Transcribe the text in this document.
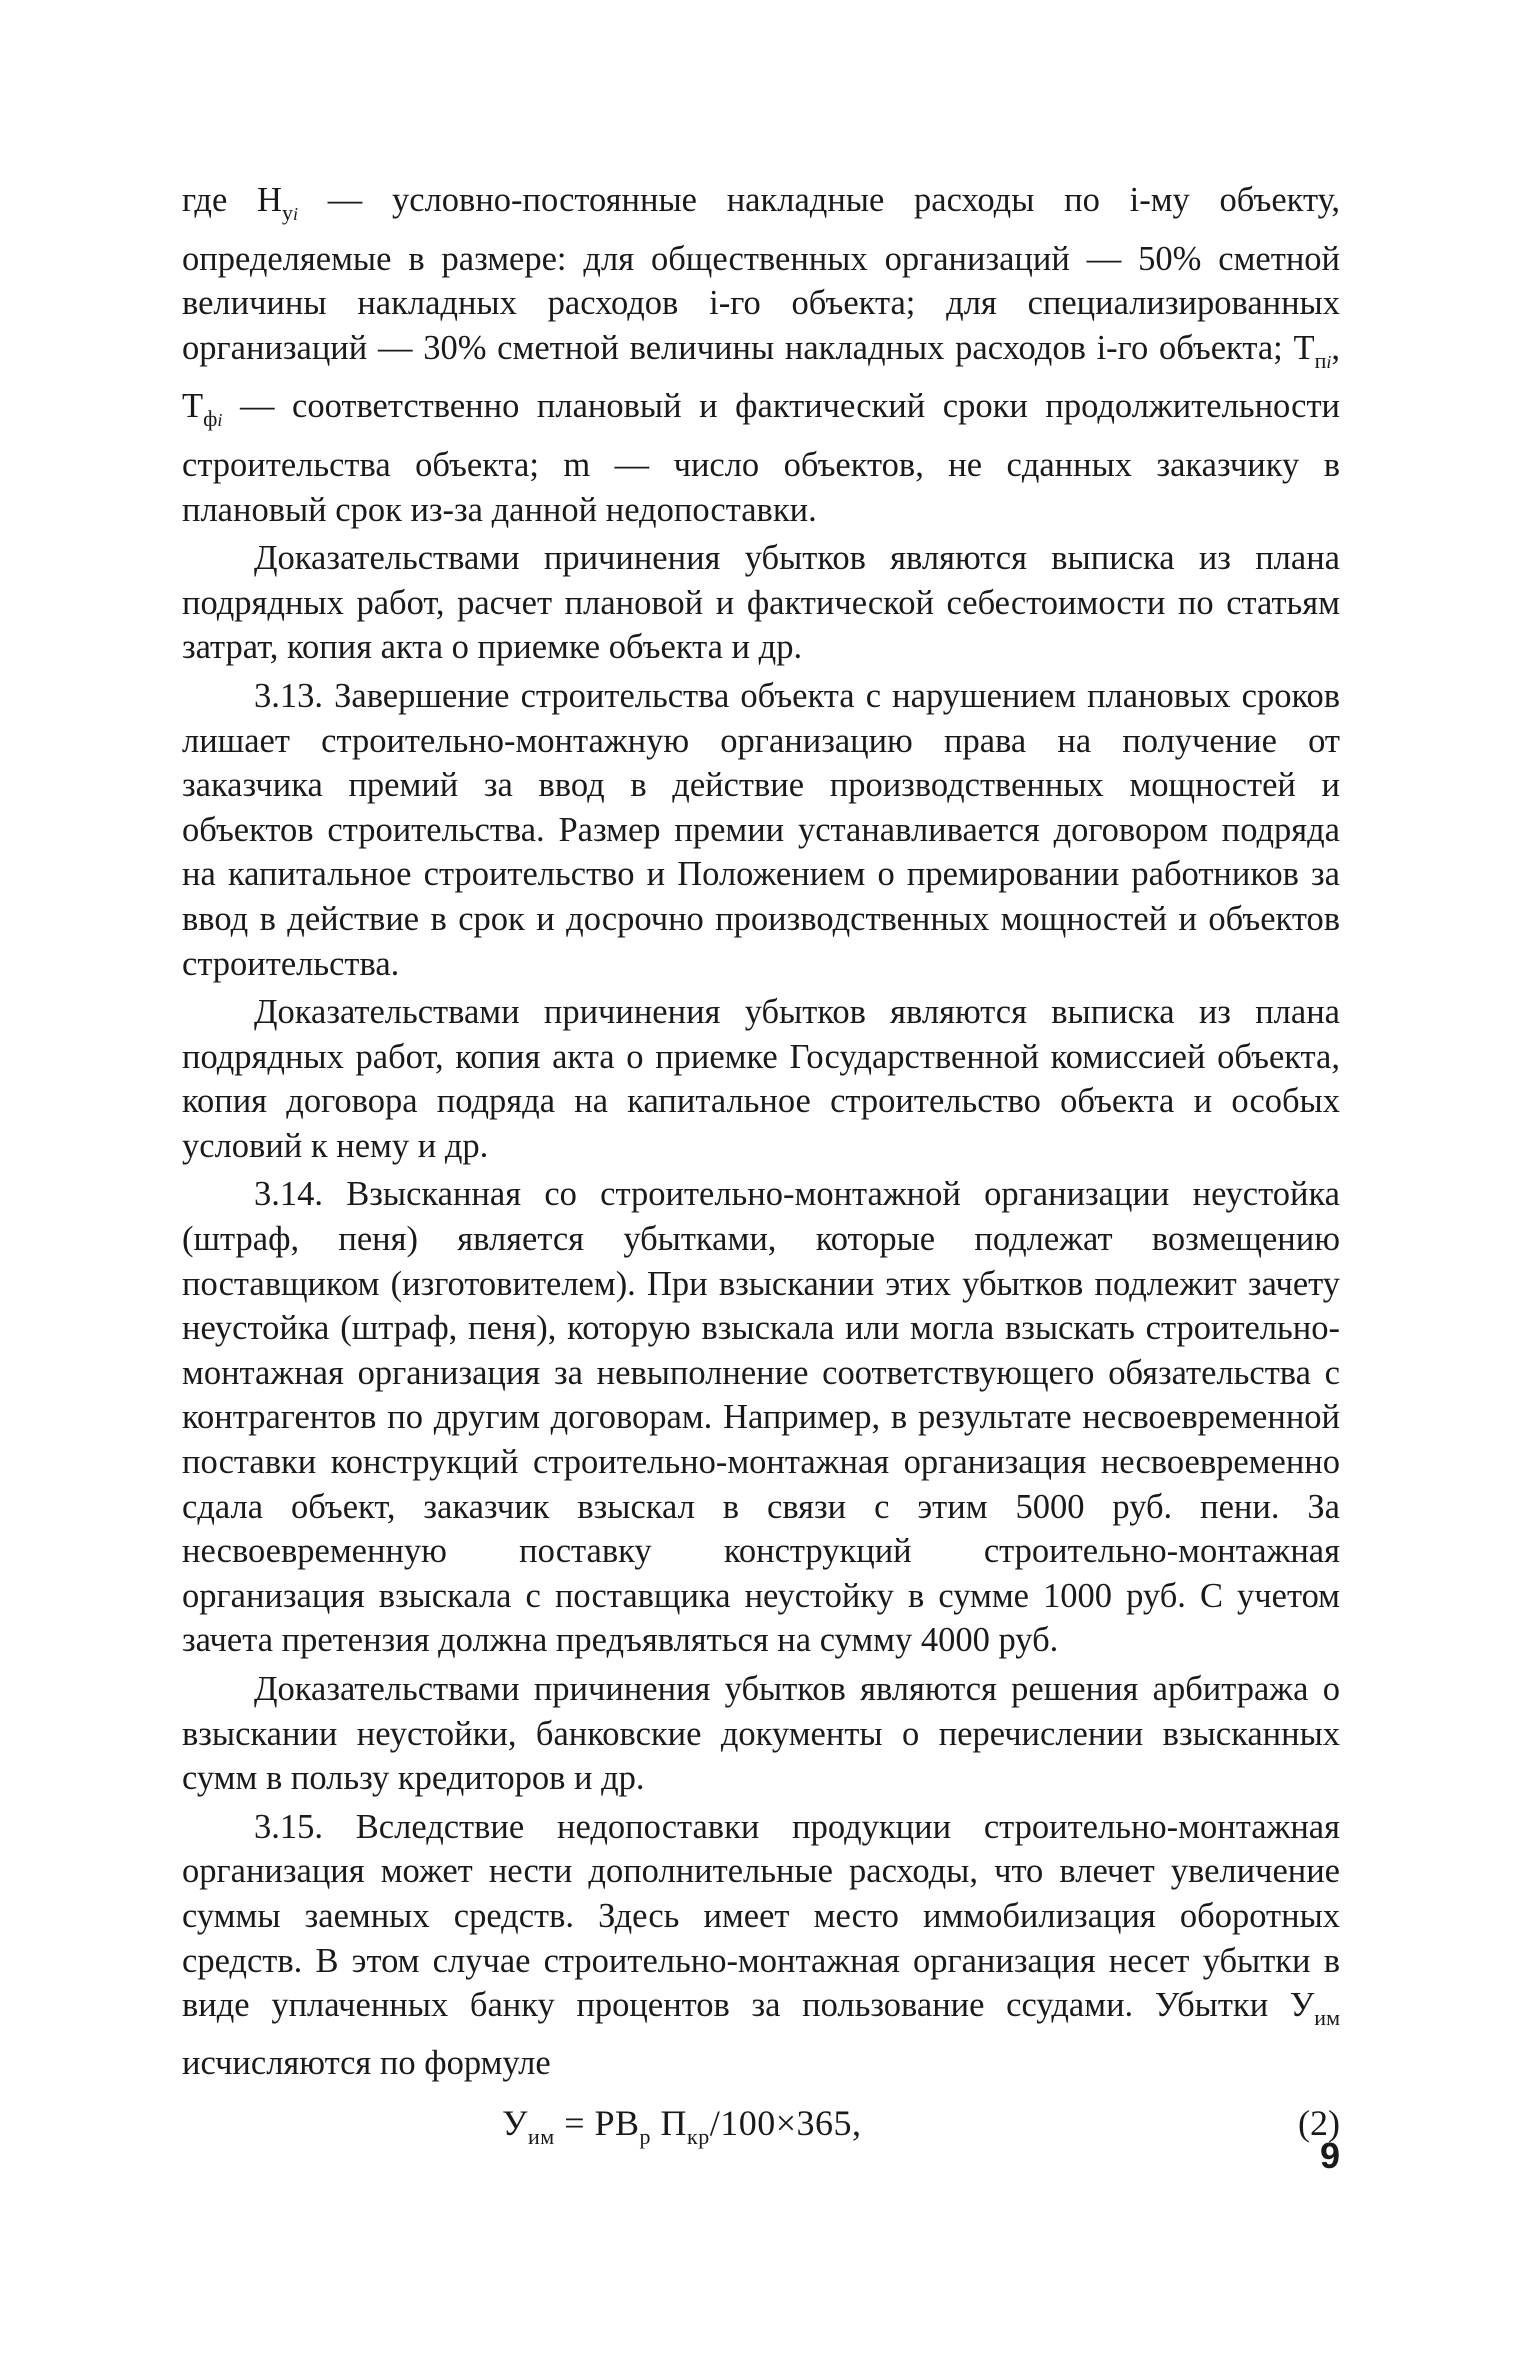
где $Н_{уi}$ — условно-постоянные накладные расходы по i-му объекту, определяемые в размере: для общественных организаций — 50% сметной величины накладных расходов i-го объекта; для специализированных организаций — 30% сметной величины накладных расходов i-го объекта; $Т_{пi}$, $Т_{фi}$ — соответственно плановый и фактический сроки продолжительности строительства объекта; m — число объектов, не сданных заказчику в плановый срок из-за данной недопоставки.

Доказательствами причинения убытков являются выписка из плана подрядных работ, расчет плановой и фактической себестоимости по статьям затрат, копия акта о приемке объекта и др.

3.13. Завершение строительства объекта с нарушением плановых сроков лишает строительно-монтажную организацию права на получение от заказчика премий за ввод в действие производственных мощностей и объектов строительства. Размер премии устанавливается договором подряда на капитальное строительство и Положением о премировании работников за ввод в действие в срок и досрочно производственных мощностей и объектов строительства.

Доказательствами причинения убытков являются выписка из плана подрядных работ, копия акта о приемке Государственной комиссией объекта, копия договора подряда на капитальное строительство объекта и особых условий к нему и др.

3.14. Взысканная со строительно-монтажной организации неустойка (штраф, пеня) является убытками, которые подлежат возмещению поставщиком (изготовителем). При взыскании этих убытков подлежит зачету неустойка (штраф, пеня), которую взыскала или могла взыскать строительно-монтажная организация за невыполнение соответствующего обязательства с контрагентов по другим договорам. Например, в результате несвоевременной поставки конструкций строительно-монтажная организация несвоевременно сдала объект, заказчик взыскал в связи с этим 5000 руб. пени. За несвоевременную поставку конструкций строительно-монтажная организация взыскала с поставщика неустойку в сумме 1000 руб. С учетом зачета претензия должна предъявляться на сумму 4000 руб.

Доказательствами причинения убытков являются решения арбитража о взыскании неустойки, банковские документы о перечислении взысканных сумм в пользу кредиторов и др.

3.15. Вследствие недопоставки продукции строительно-монтажная организация может нести дополнительные расходы, что влечет увеличение суммы заемных средств. Здесь имеет место иммобилизация оборотных средств. В этом случае строительно-монтажная организация несет убытки в виде уплаченных банку процентов за пользование ссудами. Убытки $У_{им}$ исчисляются по формуле

$У_{им} = РВ_р$ $П_{кр}/100\times 365$,	(2)
9
